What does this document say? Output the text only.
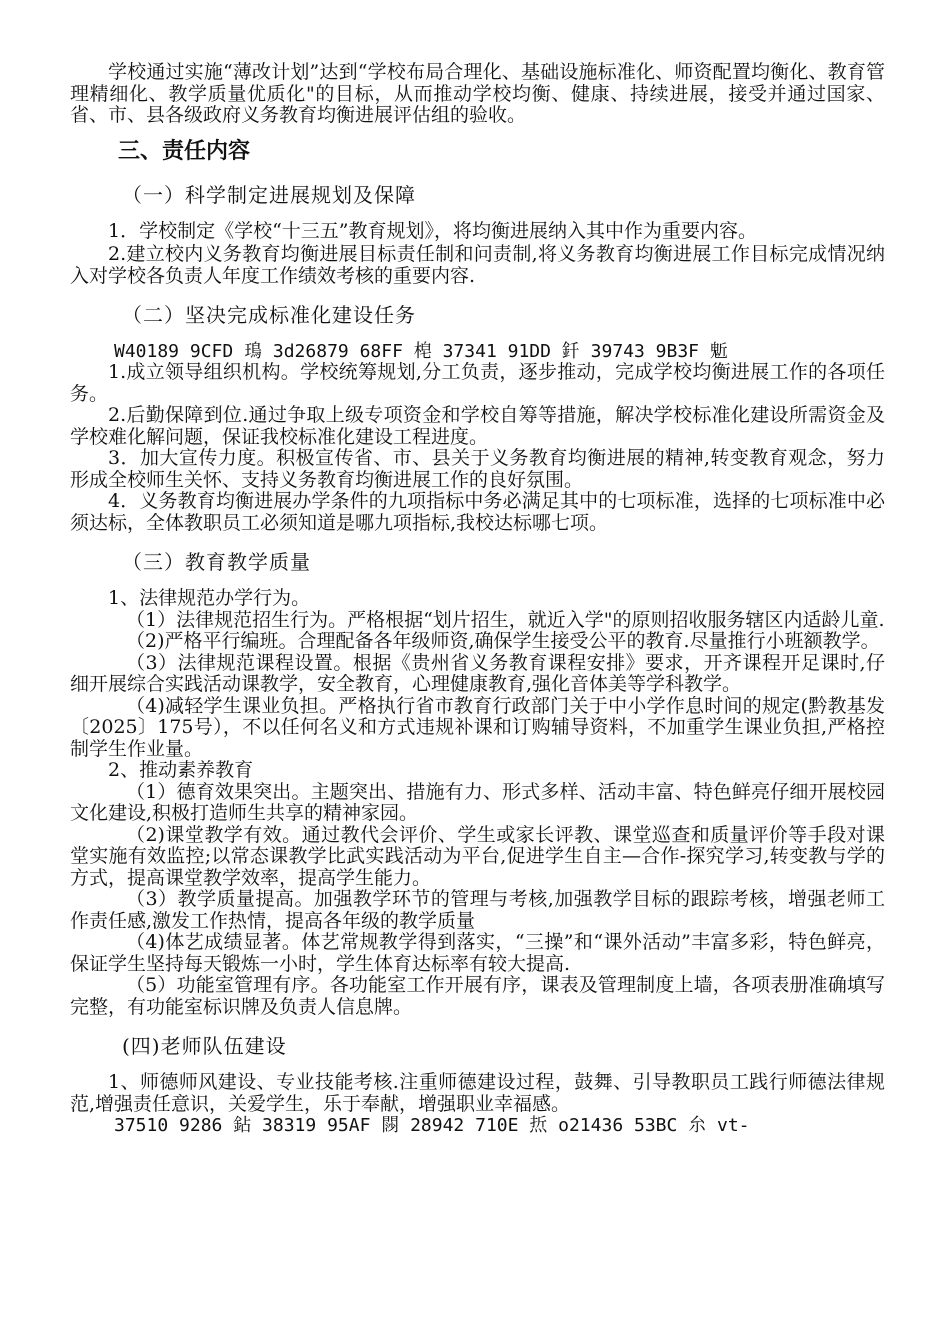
学校通过实施“薄改计划”达到“学校布局合理化、基础设施标准化、师资配置均衡化、教育管理精细化、教学质量优质化"的目标，从而推动学校均衡、健康、持续进展，接受并通过国家、省、市、县各级政府义务教育均衡进展评估组的验收。

三、责任内容
（一）科学制定进展规划及保障

1．学校制定《学校“十三五”教育规划》，将均衡进展纳入其中作为重要内容。

2.建立校内义务教育均衡进展目标责任制和问责制,将义务教育均衡进展工作目标完成情况纳入对学校各负责人年度工作绩效考核的重要内容.

（二）坚决完成标准化建设任务
W40189 9CFD 鳿 3d26879 68FF 梍 37341 91DD 釺 39743 9B3F 鬿

1.成立领导组织机构。学校统筹规划,分工负责，逐步推动，完成学校均衡进展工作的各项任务。

2.后勤保障到位.通过争取上级专项资金和学校自筹等措施，解决学校标准化建设所需资金及学校难化解问题，保证我校标准化建设工程进度。

3．加大宣传力度。积极宣传省、市、县关于义务教育均衡进展的精神,转变教育观念，努力形成全校师生关怀、支持义务教育均衡进展工作的良好氛围。

4．义务教育均衡进展办学条件的九项指标中务必满足其中的七项标准，选择的七项标准中必须达标，全体教职员工必须知道是哪九项指标,我校达标哪七项。

（三）教育教学质量

1、法律规范办学行为。

（1）法律规范招生行为。严格根据“划片招生，就近入学"的原则招收服务辖区内适龄儿童.

（2)严格平行编班。合理配备各年级师资,确保学生接受公平的教育.尽量推行小班额教学。

（3）法律规范课程设置。根据《贵州省义务教育课程安排》要求，开齐课程开足课时,仔细开展综合实践活动课教学，安全教育，心理健康教育,强化音体美等学科教学。

（4)减轻学生课业负担。严格执行省市教育行政部门关于中小学作息时间的规定(黔教基发〔2025〕175号），不以任何名义和方式违规补课和订购辅导资料，不加重学生课业负担,严格控制学生作业量。

2、推动素养教育

（1）德育效果突出。主题突出、措施有力、形式多样、活动丰富、特色鲜亮仔细开展校园文化建设,积极打造师生共享的精神家园。

（2)课堂教学有效。通过教代会评价、学生或家长评教、课堂巡查和质量评价等手段对课堂实施有效监控;以常态课教学比武实践活动为平台,促进学生自主—合作-探究学习,转变教与学的方式，提高课堂教学效率，提高学生能力。

（3）教学质量提高。加强教学环节的管理与考核,加强教学目标的跟踪考核，增强老师工作责任感,激发工作热情，提高各年级的教学质量

（4)体艺成绩显著。体艺常规教学得到落实，“三操”和“课外活动”丰富多彩，特色鲜亮，保证学生坚持每天锻炼一小时，学生体育达标率有较大提高.

（5）功能室管理有序。各功能室工作开展有序，课表及管理制度上墙，各项表册准确填写完整，有功能室标识牌及负责人信息牌。

(四)老师队伍建设

1、师德师风建设、专业技能考核.注重师德建设过程，鼓舞、引导教职员工践行师德法律规范,增强责任意识，关爱学生，乐于奉献，增强职业幸福感。

37510 9286 鉆 38319 95AF 閯 28942 710E 焎 o21436 53BC 厼 vt-
